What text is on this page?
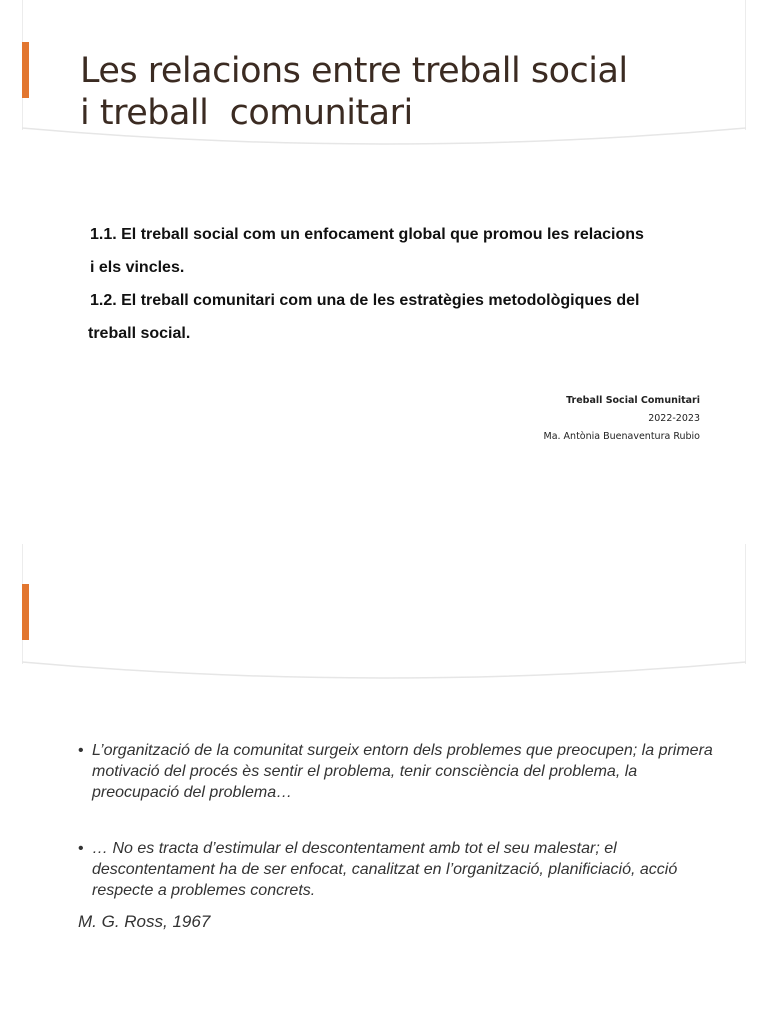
Les relacions entre treball social
i treball  comunitari

1.1. El treball social com un enfocament global que promou les relacions

i els vincles.

1.2. El treball comunitari com una de les estratègies metodològiques del

treball social.

Treball Social Comunitari
2022-2023
Ma. Antònia Buenaventura Rubio

• L’organització de la comunitat surgeix entorn dels problemes que preocupen; la primera motivació del procés ès sentir el problema, tenir consciència del problema, la preocupació del problema…

• … No es tracta d’estimular el descontentament amb tot el seu malestar; el descontentament ha de ser enfocat, canalitzat en l’organització, planificiació, acció respecte a problemes concrets.

M. G. Ross, 1967
